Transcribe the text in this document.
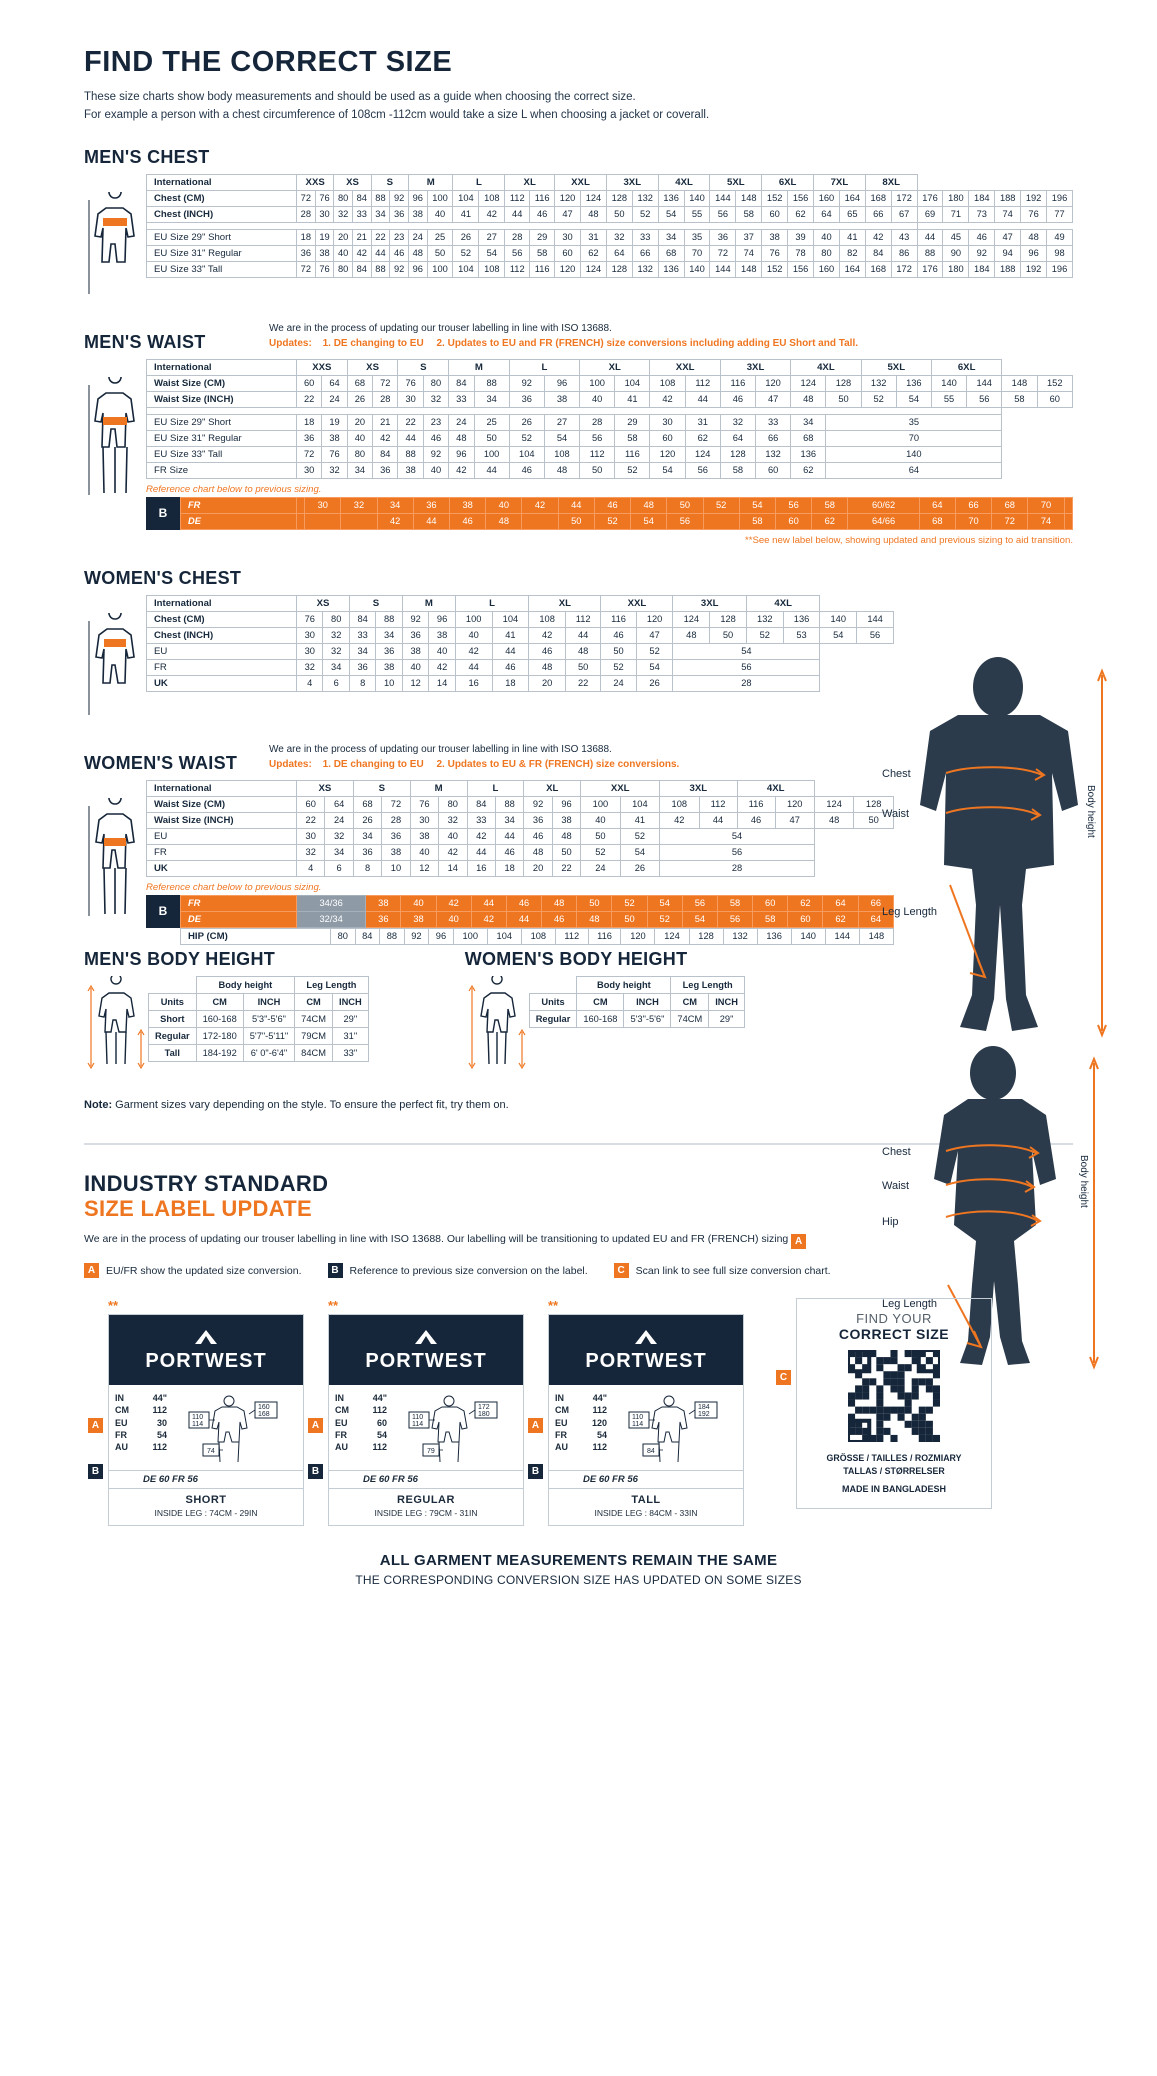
FIND THE CORRECT SIZE

These size charts show body measurements and should be used as a guide when choosing the correct size.
For example a person with a chest circumference of 108cm -112cm would take a size L when choosing a jacket or coverall.

MEN'S CHEST
International	XXS		XS		S		M		L		XL		XXL		3XL		4XL		5XL		6XL		7XL		8XL							
Chest (CM)	72	76	80	84	88	92	96	100	104	108	112	116	120	124	128	132	136	140	144	148	152	156	160	164	168	172	176	180	184	188	192	196
Chest (INCH)	28	30	32	33	34	36	38	40	41	42	44	46	47	48	50	52	54	55	56	58	60	62	64	65	66	67	69	71	73	74	76	77

EU Size 29" Short	18	19	20	21	22	23	24	25	26	27	28	29	30	31	32	33	34	35	36	37	38	39	40	41	42	43	44	45	46	47	48	49
EU Size 31" Regular	36	38	40	42	44	46	48	50	52	54	56	58	60	62	64	66	68	70	72	74	76	78	80	82	84	86	88	90	92	94	96	98
EU Size 33" Tall	72	76	80	84	88	92	96	100	104	108	112	116	120	124	128	132	136	140	144	148	152	156	160	164	168	172	176	180	184	188	192	196
MEN'S WAIST
We are in the process of updating our trouser labelling in line with ISO 13688.
Updates: 1. DE changing to EU 2. Updates to EU and FR (FRENCH) size conversions including adding EU Short and Tall.
International	XXS		XS		S		M		L		XL		XXL		3XL		4XL		5XL		6XL			
Waist Size (CM)	60	64	68	72	76	80	84	88	92	96	100	104	108	112	116	120	124	128	132	136	140	144	148	152
Waist Size (INCH)	22	24	26	28	30	32	33	34	36	38	40	41	42	44	46	47	48	50	52	54	55	56	58	60

EU Size 29" Short	18	19	20	21	22	23	24	25	26	27	28	29	30	31	32	33	34	35						
EU Size 31" Regular	36	38	40	42	44	46	48	50	52	54	56	58	60	62	64	66	68	70						
EU Size 33" Tall	72	76	80	84	88	92	96	100	104	108	112	116	120	124	128	132	136	140						
FR Size	30	32	34	36	38	40	42	44	46	48	50	52	54	56	58	60	62	64						
Reference chart below to previous sizing.
B
FR		30	32	34	36	38	40	42	44	46	48	50	52	54	56	58	60/62	64	66	68	70	
DE				42	44	46	48		50	52	54	56		58	60	62	64/66	68	70	72	74	
**See new label below, showing updated and previous sizing to aid transition.
WOMEN'S CHEST
International	XS		S		M		L		XL		XXL		3XL		4XL			
Chest (CM)	76	80	84	88	92	96	100	104	108	112	116	120	124	128	132	136	140	144
Chest (INCH)	30	32	33	34	36	38	40	41	42	44	46	47	48	50	52	53	54	56
EU	30	32	34	36	38	40	42	44	46	48	50	52	54					
FR	32	34	36	38	40	42	44	46	48	50	52	54	56					
UK	4	6	8	10	12	14	16	18	20	22	24	26	28					
WOMEN'S WAIST
We are in the process of updating our trouser labelling in line with ISO 13688.
Updates: 1. DE changing to EU 2. Updates to EU & FR (FRENCH) size conversions.
International	XS		S		M		L		XL		XXL		3XL		4XL			
Waist Size (CM)	60	64	68	72	76	80	84	88	92	96	100	104	108	112	116	120	124	128
Waist Size (INCH)	22	24	26	28	30	32	33	34	36	38	40	41	42	44	46	47	48	50
EU	30	32	34	36	38	40	42	44	46	48	50	52	54					
FR	32	34	36	38	40	42	44	46	48	50	52	54	56					
UK	4	6	8	10	12	14	16	18	20	22	24	26	28					
Reference chart below to previous sizing.
B
FR	34/36	38	40	42	44	46	48	50	52	54	56	58	60	62	64	66
DE	32/34	36	38	40	42	44	46	48	50	52	54	56	58	60	62	64
HIP (CM)	80	84	88	92	96	100	104	108	112	116	120	124	128	132	136	140	144	148
MEN'S BODY HEIGHT
	Body height		Leg Length	
Units	CM	INCH	CM	INCH
Short	160-168	5'3"-5'6"	74CM	29"
Regular	172-180	5'7"-5'11"	79CM	31"
Tall	184-192	6' 0"-6'4"	84CM	33"
WOMEN'S BODY HEIGHT
	Body height		Leg Length	
Units	CM	INCH	CM	INCH
Regular	160-168	5'3"-5'6"	74CM	29"

Note: Garment sizes vary depending on the style. To ensure the perfect fit, try them on.

Chest
Waist
Leg Length
Body height
Chest
Waist
Hip
Leg Length
Body height
INDUSTRY STANDARD
SIZE LABEL UPDATE
We are in the process of updating our trouser labelling in line with ISO 13688. Our labelling will be transitioning to updated EU and FR (FRENCH) sizing A
A	EU/FR show the updated size conversion.	B	Reference to previous size conversion on the label.	C	Scan link to see full size conversion chart.
**
PORTWEST
IN	44"
CM	112
EU	30
FR	54
AU	112
110
114
160
168
74
DE 60 FR 56
SHORT
INSIDE LEG : 74CM - 29IN
A
B
**
PORTWEST
IN	44"
CM	112
EU	60
FR	54
AU	112
110
114
172
180
79
DE 60 FR 56
REGULAR
INSIDE LEG : 79CM - 31IN
A
B
**
PORTWEST
IN	44"
CM	112
EU	120
FR	54
AU	112
110
114
184
192
84
DE 60 FR 56
TALL
INSIDE LEG : 84CM - 33IN
A
B
FIND YOUR
CORRECT SIZE
GRÖSSE / TAILLES / ROZMIARY
TALLAS / STØRRELSER
MADE IN BANGLADESH
C
ALL GARMENT MEASUREMENTS REMAIN THE SAME
THE CORRESPONDING CONVERSION SIZE HAS UPDATED ON SOME SIZES
